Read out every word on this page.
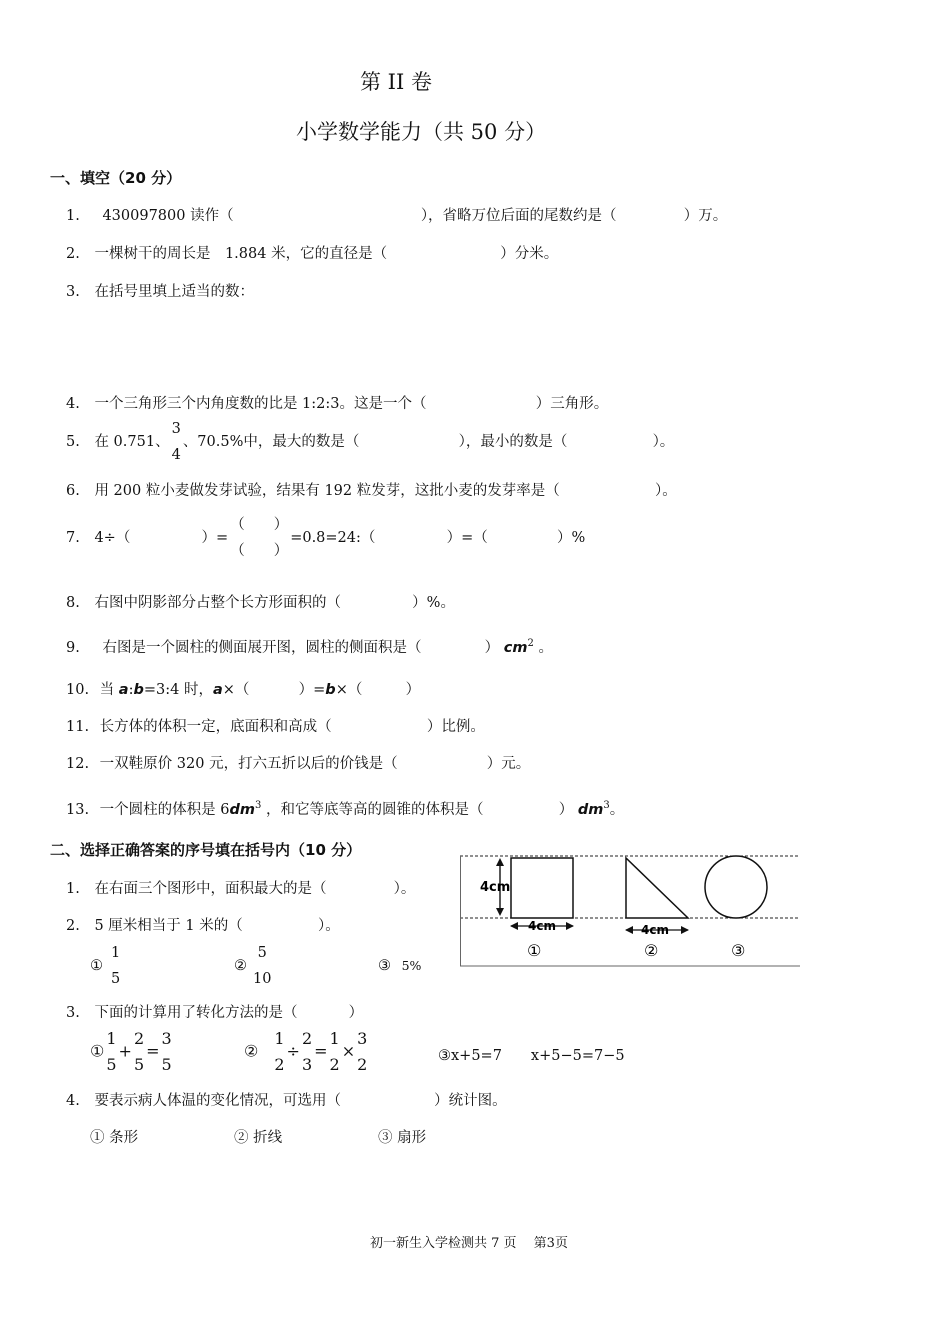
第 II 卷
小学数学能力（共 50 分）
一、填空（20 分）
1. 430097800 读作（	），省略万位后面的尾数约是（	）万。
2. 一棵树干的周长是　1.884 米，它的直径是（	）分米。
3. 在括号里填上适当的数：
4. 一个三角形三个内角度数的比是 1:2:3。这是一个（	）三角形。
5. 在 0.751、
3
4
、70.5%中，最大的数是（	），最小的数是（	）。
6. 用 200 粒小麦做发芽试验，结果有 192 粒发芽，这批小麦的发芽率是（	）。
7. 4÷（	）=
（　　）
（　　）
=0.8=24:（	）=（	）%
8. 右图中阴影部分占整个长方形面积的（	）%。
9. 右图是一个圆柱的侧面展开图，圆柱的侧面积是（	） $cm^2$ 。
10. 当 a:b=3:4 时，a×（	）=b×（	）
11. 长方体的体积一定，底面积和高成（	）比例。
12. 一双鞋原价 320 元，打六五折以后的价钱是（	）元。
13. 一个圆柱的体积是 $6dm^3$ ，和它等底等高的圆锥的体积是（	） $dm^3$。
二、选择正确答案的序号填在括号内（10 分）
1. 在右面三个图形中，面积最大的是（	）。
2. 5 厘米相当于 1 米的（	）。
①
1
5
②
5
10
③ 5%
3. 下面的计算用了转化方法的是（	）
①
1
5
+
2
5
=
3
5
②
1
2
÷
2
3
=
1
2
×
3
2	③x+5=7　　x+5−5=7−5
4. 要表示病人体温的变化情况，可选用（	）统计图。
① 条形	② 折线	③ 扇形
4cm
4cm
①
4cm
②	③
初一新生入学检测共 7 页　 第3页
